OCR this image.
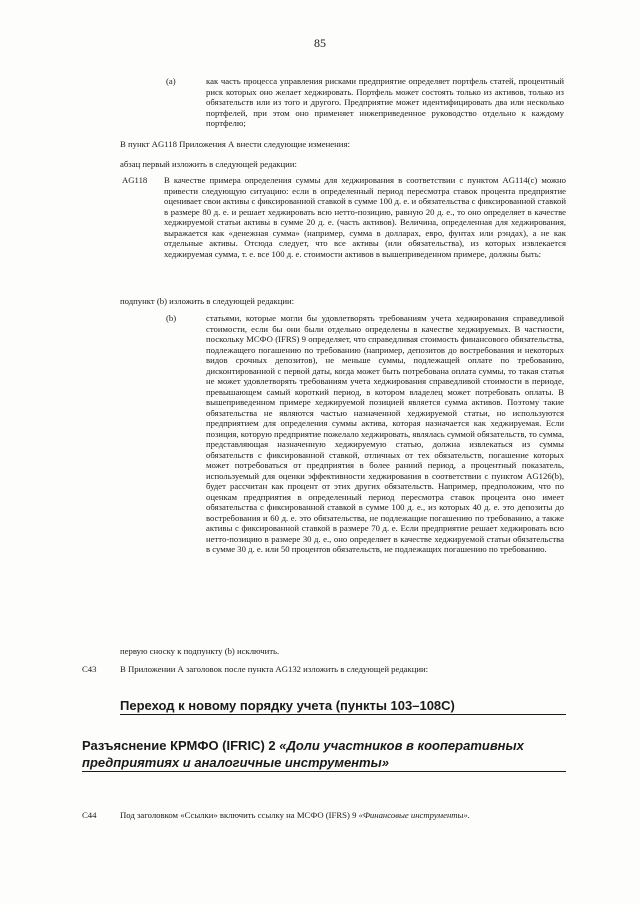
85
(a)	как часть процесса управления рисками предприятие определяет портфель статей, процентный риск которых оно желает хеджировать. Портфель может состоять только из активов, только из обязательств или из того и другого. Предприятие может идентифицировать два или несколько портфелей, при этом оно применяет нижеприведенное руководство отдельно к каждому портфелю;
В пункт AG118 Приложения А внести следующие изменения:
абзац первый изложить в следующей редакции:
AG118 В качестве примера определения суммы для хеджирования в соответствии с пунктом AG114(c) можно привести следующую ситуацию: если в определенный период пересмотра ставок процента предприятие оценивает свои активы с фиксированной ставкой в сумме 100 д. е. и обязательства с фиксированной ставкой в размере 80 д. е. и решает хеджировать всю нетто-позицию, равную 20 д. е., то оно определяет в качестве хеджируемой статьи активы в сумме 20 д. е. (часть активов). Величина, определенная для хеджирования, выражается как «денежная сумма» (например, сумма в долларах, евро, фунтах или рэндах), а не как отдельные активы. Отсюда следует, что все активы (или обязательства), из которых извлекается хеджируемая сумма, т. е. все 100 д. е. стоимости активов в вышеприведенном примере, должны быть:
подпункт (b) изложить в следующей редакции:
(b)	статьями, которые могли бы удовлетворять требованиям учета хеджирования справедливой стоимости, если бы они были отдельно определены в качестве хеджируемых. В частности, поскольку МСФО (IFRS) 9 определяет, что справедливая стоимость финансового обязательства, подлежащего погашению по требованию (например, депозитов до востребования и некоторых видов срочных депозитов), не меньше суммы, подлежащей оплате по требованию, дисконтированной с первой даты, когда может быть потребована оплата суммы, то такая статья не может удовлетворять требованиям учета хеджирования справедливой стоимости в периоде, превышающем самый короткий период, в котором владелец может потребовать оплаты. В вышеприведенном примере хеджируемой позицией является сумма активов. Поэтому такие обязательства не являются частью назначенной хеджируемой статьи, но используются предприятием для определения суммы актива, которая назначается как хеджируемая. Если позиция, которую предприятие пожелало хеджировать, являлась суммой обязательств, то сумма, представляющая назначенную хеджируемую статью, должна извлекаться из суммы обязательств с фиксированной ставкой, отличных от тех обязательств, погашение которых может потребоваться от предприятия в более ранний период, а процентный показатель, используемый для оценки эффективности хеджирования в соответствии с пунктом AG126(b), будет рассчитан как процент от этих других обязательств. Например, предположим, что по оценкам предприятия в определенный период пересмотра ставок процента оно имеет обязательства с фиксированной ставкой в сумме 100 д. е., из которых 40 д. е. это депозиты до востребования и 60 д. е. это обязательства, не подлежащие погашению по требованию, а также активы с фиксированной ставкой в размере 70 д. е. Если предприятие решает хеджировать всю нетто-позицию в размере 30 д. е., оно определяет в качестве хеджируемой статьи обязательства в сумме 30 д. е. или 50 процентов обязательств, не подлежащих погашению по требованию.
первую сноску к подпункту (b) исключить.
C43	В Приложении А заголовок после пункта AG132 изложить в следующей редакции:
Переход к новому порядку учета (пункты 103–108С)
Разъяснение КРМФО (IFRIC) 2 «Доли участников в кооперативных
предприятиях и аналогичные инструменты»
C44	Под заголовком «Ссылки» включить ссылку на МСФО (IFRS) 9 «Финансовые инструменты».
